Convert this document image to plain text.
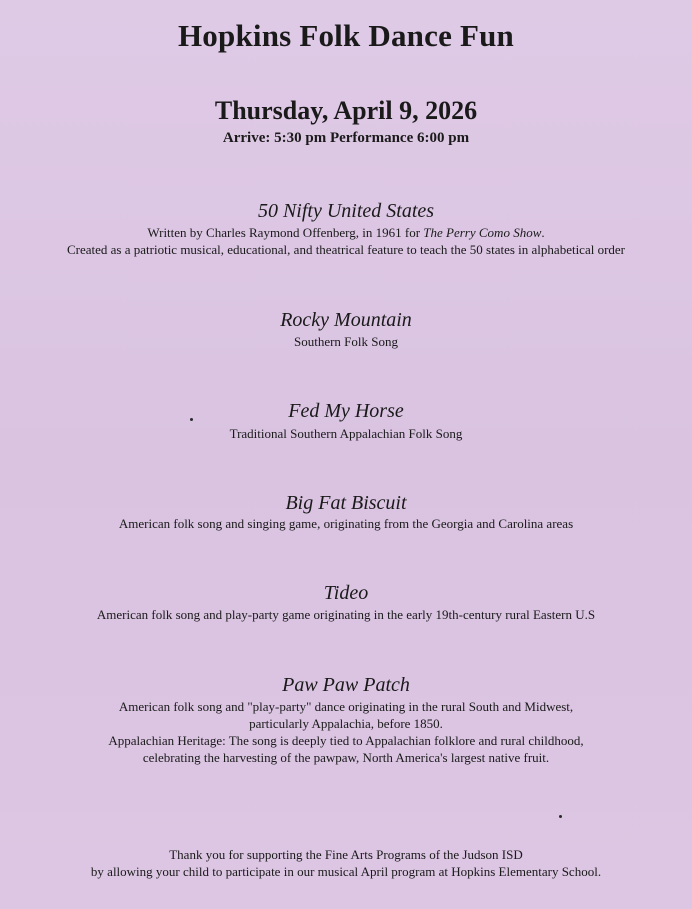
Hopkins Folk Dance Fun
Thursday, April 9, 2026
Arrive: 5:30 pm Performance 6:00 pm
50 Nifty United States
Written by Charles Raymond Offenberg, in 1961 for The Perry Como Show.
Created as a patriotic musical, educational, and theatrical feature to teach the 50 states in alphabetical order
Rocky Mountain
Southern Folk Song
Fed My Horse
Traditional Southern Appalachian Folk Song
Big Fat Biscuit
American folk song and singing game, originating from the Georgia and Carolina areas
Tideo
American folk song and play-party game originating in the early 19th-century rural Eastern U.S
Paw Paw Patch
American folk song and "play-party" dance originating in the rural South and Midwest,
particularly Appalachia, before 1850.
Appalachian Heritage: The song is deeply tied to Appalachian folklore and rural childhood,
celebrating the harvesting of the pawpaw, North America's largest native fruit.
Thank you for supporting the Fine Arts Programs of the Judson ISD
by allowing your child to participate in our musical April program at Hopkins Elementary School.
